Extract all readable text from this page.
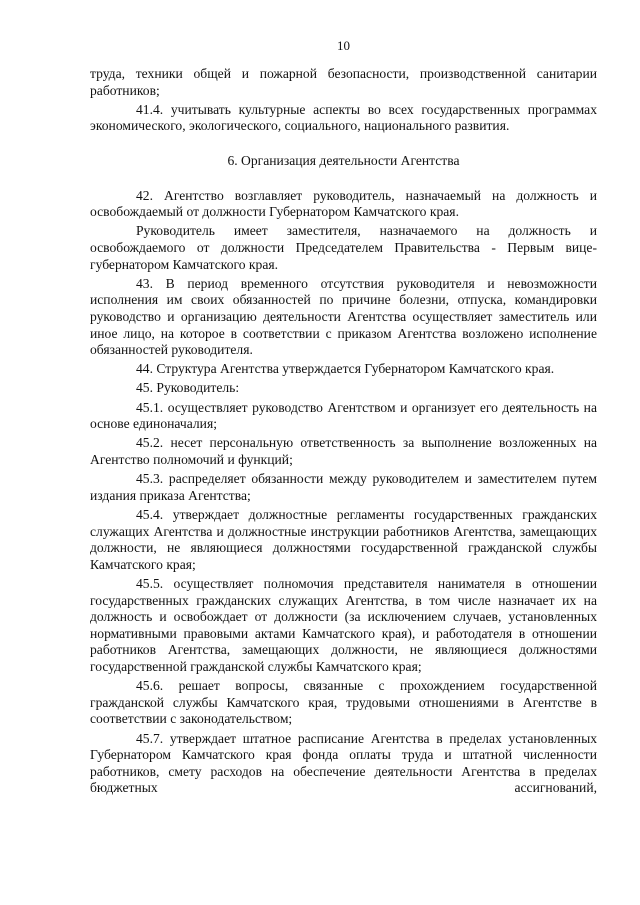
10

труда, техники общей и пожарной безопасности, производственной санитарии работников;

41.4. учитывать культурные аспекты во всех государственных программах экономического, экологического, социального, национального развития.

6. Организация деятельности Агентства

42. Агентство возглавляет руководитель, назначаемый на должность и освобождаемый от должности Губернатором Камчатского края.

Руководитель имеет заместителя, назначаемого на должность и освобождаемого от должности Председателем Правительства - Первым вице-губернатором Камчатского края.

43. В период временного отсутствия руководителя и невозможности исполнения им своих обязанностей по причине болезни, отпуска, командировки руководство и организацию деятельности Агентства осуществляет заместитель или иное лицо, на которое в соответствии с приказом Агентства возложено исполнение обязанностей руководителя.

44. Структура Агентства утверждается Губернатором Камчатского края.

45. Руководитель:

45.1. осуществляет руководство Агентством и организует его деятельность на основе единоначалия;

45.2. несет персональную ответственность за выполнение возложенных на Агентство полномочий и функций;

45.3. распределяет обязанности между руководителем и заместителем путем издания приказа Агентства;

45.4. утверждает должностные регламенты государственных гражданских служащих Агентства и должностные инструкции работников Агентства, замещающих должности, не являющиеся должностями государственной гражданской службы Камчатского края;

45.5. осуществляет полномочия представителя нанимателя в отношении государственных гражданских служащих Агентства, в том числе назначает их на должность и освобождает от должности (за исключением случаев, установленных нормативными правовыми актами Камчатского края), и работодателя в отношении работников Агентства, замещающих должности, не являющиеся должностями государственной гражданской службы Камчатского края;

45.6. решает вопросы, связанные с прохождением государственной гражданской службы Камчатского края, трудовыми отношениями в Агентстве в соответствии с законодательством;

45.7. утверждает штатное расписание Агентства в пределах установленных Губернатором Камчатского края фонда оплаты труда и штатной численности работников, смету расходов на обеспечение деятельности Агентства в пределах бюджетных ассигнований,
